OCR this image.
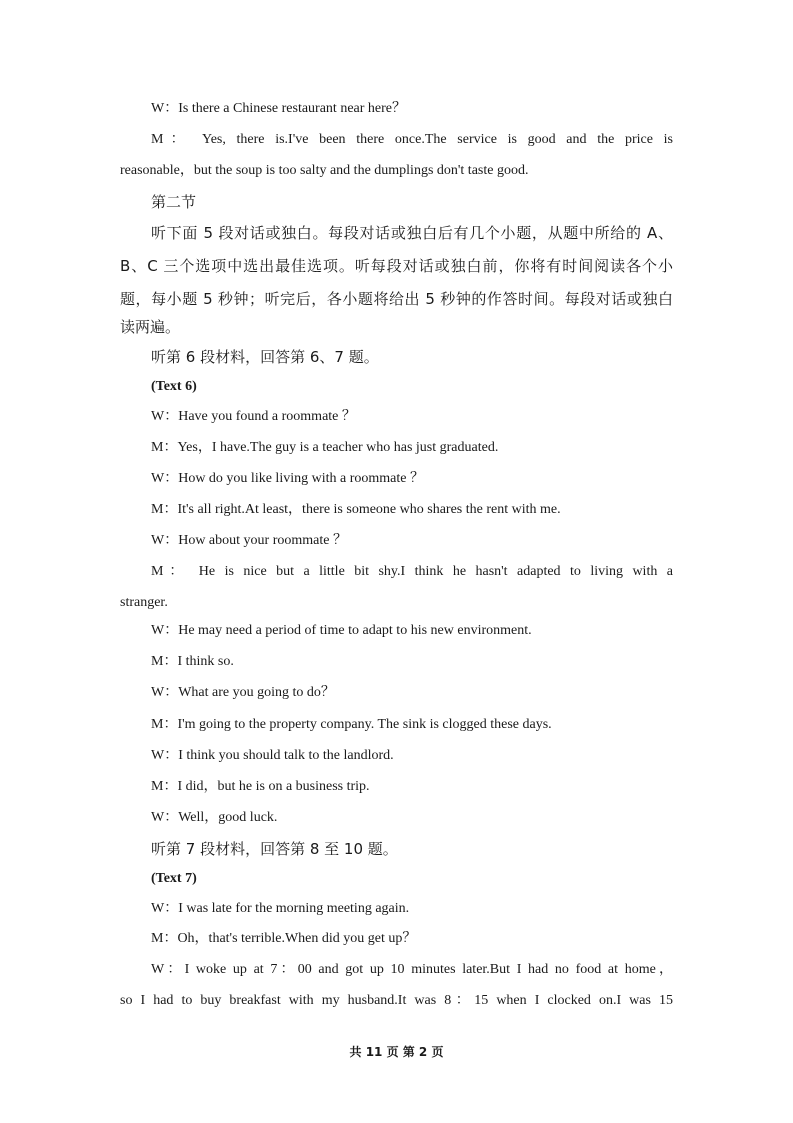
W：Is there a Chinese restaurant near here？
M： Yes, there is.I've been there once.The service is good and the price is
reasonable，but the soup is too salty and the dumplings don't taste good.
第二节
听下面 5 段对话或独白。每段对话或独白后有几个小题，从题中所给的 A、
B、C 三个选项中选出最佳选项。听每段对话或独白前，你将有时间阅读各个小
题，每小题 5 秒钟；听完后，各小题将给出 5 秒钟的作答时间。每段对话或独白
读两遍。
听第 6 段材料，回答第 6、7 题。
(Text 6)
W：Have you found a roommate ？
M：Yes，I have.The guy is a teacher who has just graduated.
W：How do you like living with a roommate ？
M：It's all right.At least，there is someone who shares the rent with me.
W：How about your roommate ？
M： He is nice but a little bit shy.I think he hasn't adapted to living with a
stranger.
W：He may need a period of time to adapt to his new environment.
M：I think so.
W：What are you going to do？
M：I'm going to the property company. The sink is clogged these days.
W：I think you should talk to the landlord.
M：I did，but he is on a business trip.
W：Well，good luck.
听第 7 段材料，回答第 8 至 10 题。
(Text 7)
W：I was late for the morning meeting again.
M：Oh，that's terrible.When did you get up？
W：I woke up at 7：00 and got up 10 minutes later.But I had no food at home，
so I had to buy breakfast with my husband.It was 8：15 when I clocked on.I was 15
共 11 页 第 2 页
